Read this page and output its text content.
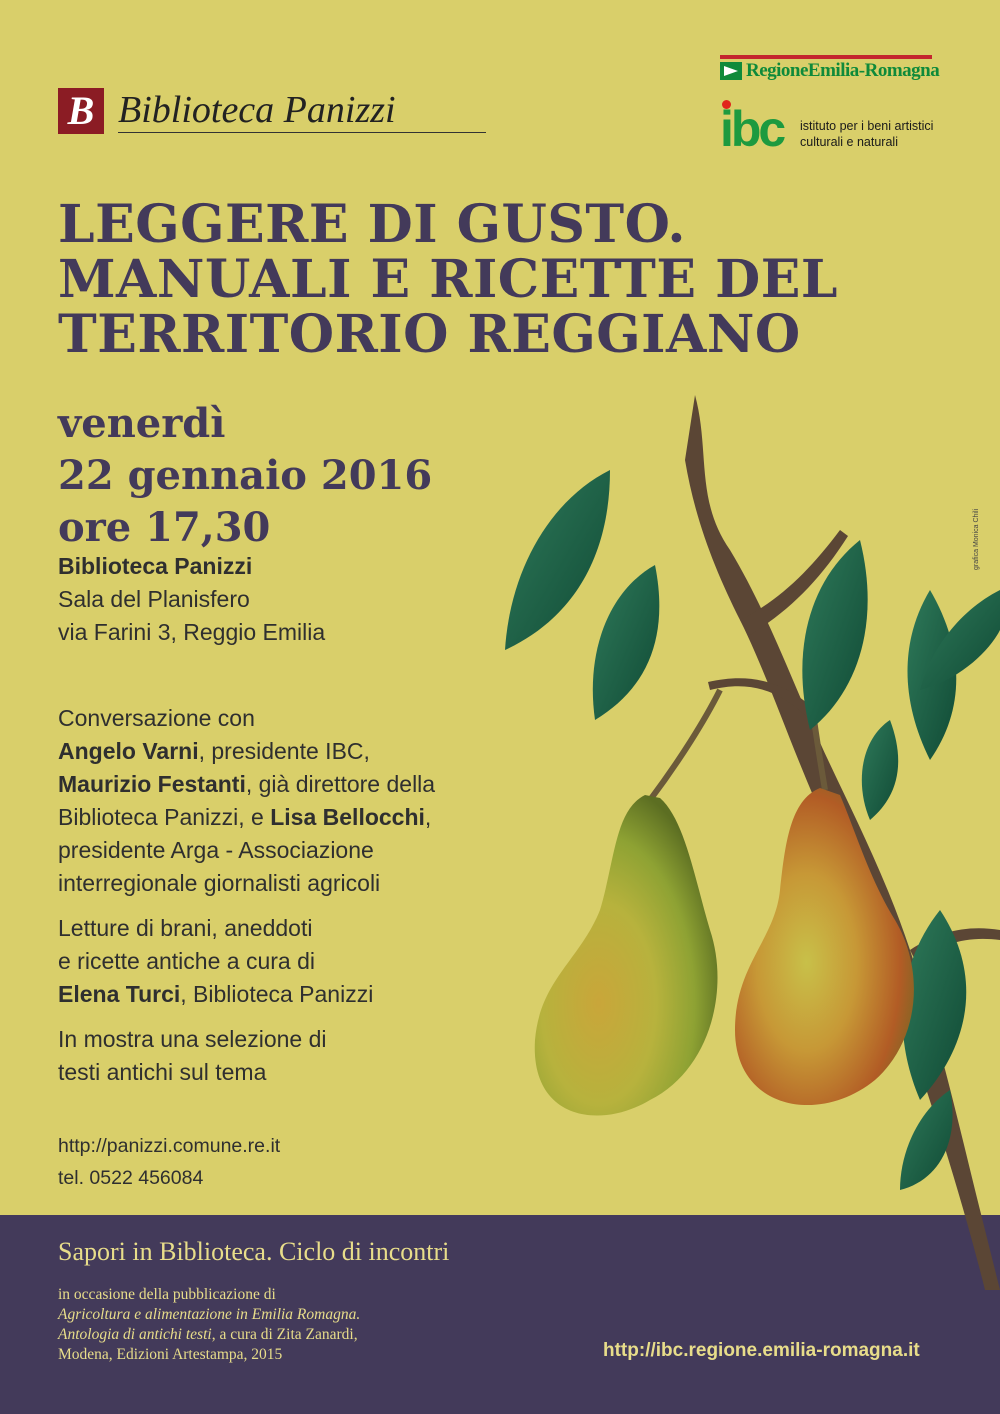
B Biblioteca Panizzi
RegioneEmilia-Romagna
ibc istituto per i beni artistici
culturali e naturali
LEGGERE DI GUSTO.
MANUALI E RICETTE DEL
TERRITORIO REGGIANO
venerdì
22 gennaio 2016
ore 17,30
Biblioteca Panizzi
Sala del Planisfero
via Farini 3, Reggio Emilia

Conversazione con
Angelo Varni, presidente IBC,
Maurizio Festanti, già direttore della
Biblioteca Panizzi, e Lisa Bellocchi,
presidente Arga - Associazione
interregionale giornalisti agricoli

Letture di brani, aneddoti
e ricette antiche a cura di
Elena Turci, Biblioteca Panizzi

In mostra una selezione di
testi antichi sul tema

http://panizzi.comune.re.it
tel. 0522 456084
grafica Monica Chili
Sapori in Biblioteca. Ciclo di incontri
in occasione della pubblicazione di
Agricoltura e alimentazione in Emilia Romagna.
Antologia di antichi testi, a cura di Zita Zanardi,
Modena, Edizioni Artestampa, 2015	http://ibc.regione.emilia-romagna.it
